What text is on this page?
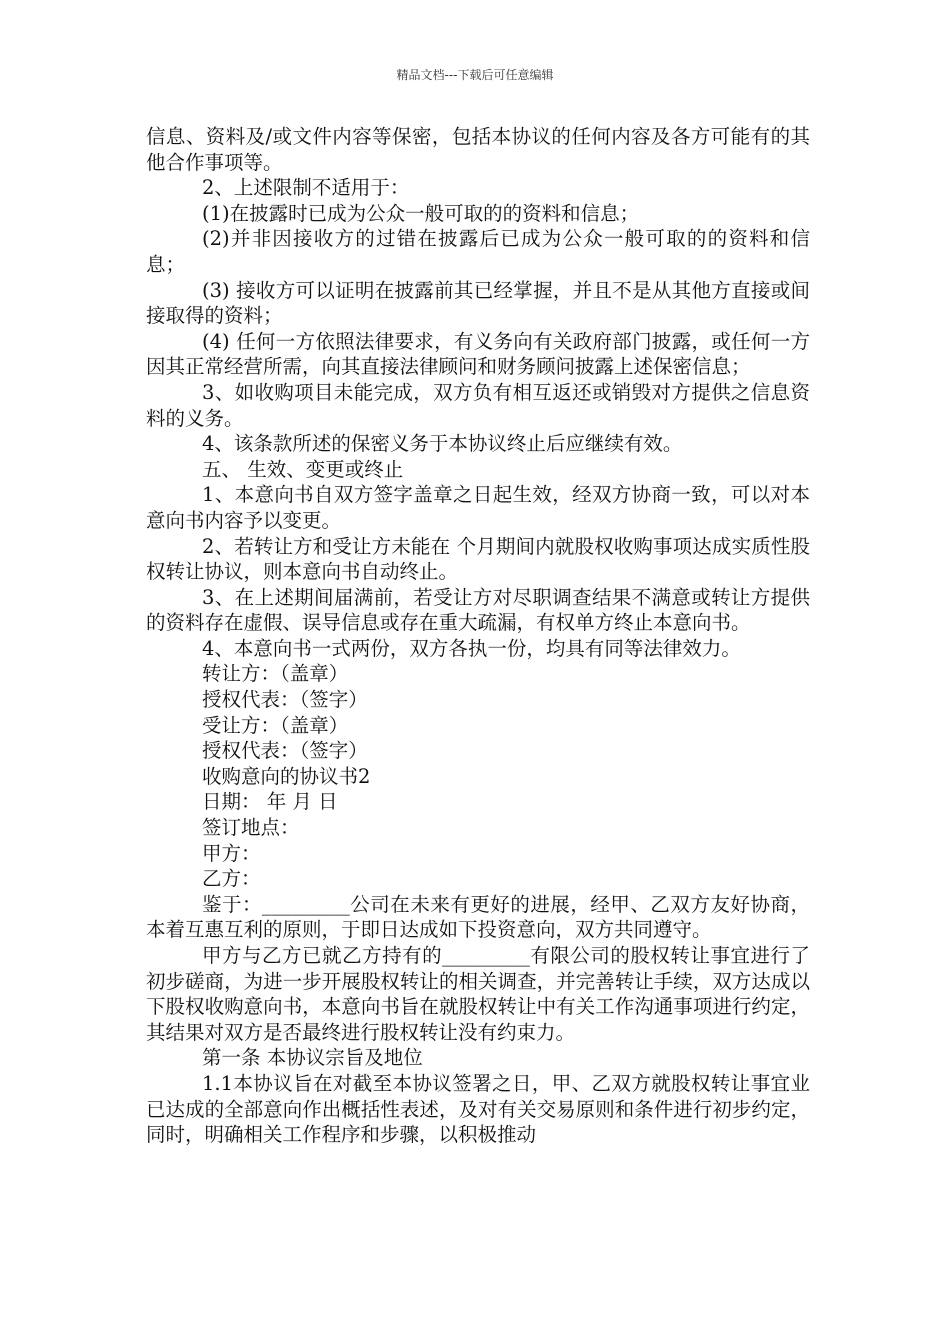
精品文档---下载后可任意编辑

信息、资料及/或文件内容等保密，包括本协议的任何内容及各方可能有的其他合作事项等。

2、上述限制不适用于：

(1)在披露时已成为公众一般可取的的资料和信息；

(2)并非因接收方的过错在披露后已成为公众一般可取的的资料和信息；

(3) 接收方可以证明在披露前其已经掌握，并且不是从其他方直接或间接取得的资料；

(4) 任何一方依照法律要求，有义务向有关政府部门披露，或任何一方因其正常经营所需，向其直接法律顾问和财务顾问披露上述保密信息；

3、如收购项目未能完成，双方负有相互返还或销毁对方提供之信息资料的义务。

4、该条款所述的保密义务于本协议终止后应继续有效。

五、 生效、变更或终止

1、本意向书自双方签字盖章之日起生效，经双方协商一致，可以对本意向书内容予以变更。

2、若转让方和受让方未能在 个月期间内就股权收购事项达成实质性股权转让协议，则本意向书自动终止。

3、在上述期间届满前，若受让方对尽职调查结果不满意或转让方提供的资料存在虚假、误导信息或存在重大疏漏，有权单方终止本意向书。

4、本意向书一式两份，双方各执一份，均具有同等法律效力。

转让方：（盖章）

授权代表：（签字）

受让方：（盖章）

授权代表：（签字）

收购意向的协议书2

日期： 年 月 日

签订地点：

甲方：

乙方：

鉴于：_________公司在未来有更好的进展，经甲、乙双方友好协商，本着互惠互利的原则，于即日达成如下投资意向，双方共同遵守。

甲方与乙方已就乙方持有的_________有限公司的股权转让事宜进行了初步磋商，为进一步开展股权转让的相关调查，并完善转让手续，双方达成以下股权收购意向书，本意向书旨在就股权转让中有关工作沟通事项进行约定，其结果对双方是否最终进行股权转让没有约束力。

第一条 本协议宗旨及地位

1.1本协议旨在对截至本协议签署之日，甲、乙双方就股权转让事宜业已达成的全部意向作出概括性表述，及对有关交易原则和条件进行初步约定，同时，明确相关工作程序和步骤，以积极推动
